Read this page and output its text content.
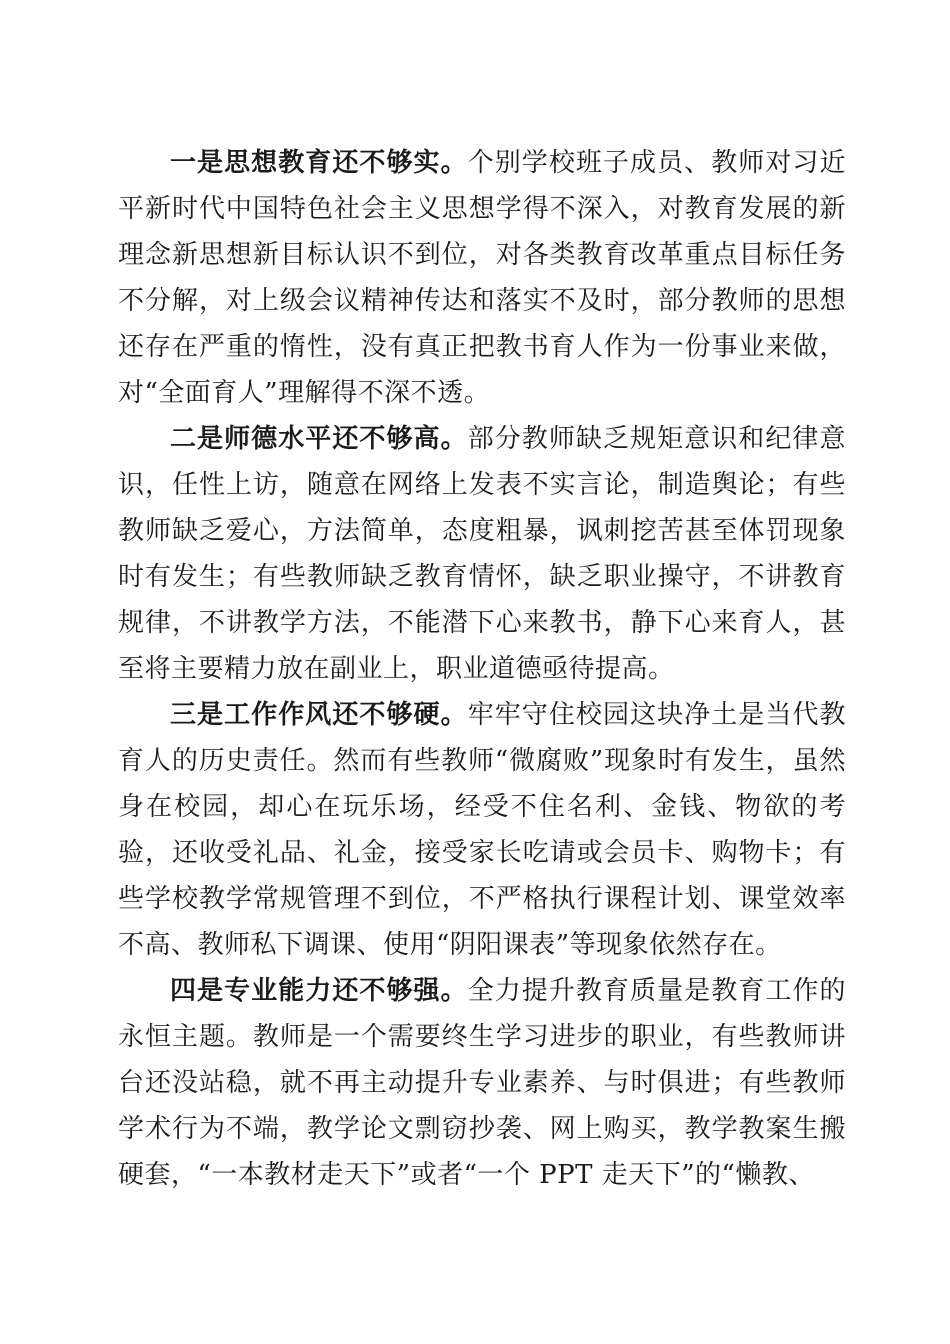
一是思想教育还不够实。个别学校班子成员、教师对习近平新时代中国特色社会主义思想学得不深入，对教育发展的新理念新思想新目标认识不到位，对各类教育改革重点目标任务不分解，对上级会议精神传达和落实不及时，部分教师的思想还存在严重的惰性，没有真正把教书育人作为一份事业来做，对“全面育人”理解得不深不透。

二是师德水平还不够高。部分教师缺乏规矩意识和纪律意识，任性上访，随意在网络上发表不实言论，制造舆论；有些教师缺乏爱心，方法简单，态度粗暴，讽刺挖苦甚至体罚现象时有发生；有些教师缺乏教育情怀，缺乏职业操守，不讲教育规律，不讲教学方法，不能潜下心来教书，静下心来育人，甚至将主要精力放在副业上，职业道德亟待提高。

三是工作作风还不够硬。牢牢守住校园这块净土是当代教育人的历史责任。然而有些教师“微腐败”现象时有发生，虽然身在校园，却心在玩乐场，经受不住名利、金钱、物欲的考验，还收受礼品、礼金，接受家长吃请或会员卡、购物卡；有些学校教学常规管理不到位，不严格执行课程计划、课堂效率不高、教师私下调课、使用“阴阳课表”等现象依然存在。

四是专业能力还不够强。全力提升教育质量是教育工作的永恒主题。教师是一个需要终生学习进步的职业，有些教师讲台还没站稳，就不再主动提升专业素养、与时俱进；有些教师学术行为不端，教学论文剽窃抄袭、网上购买，教学教案生搬硬套，“一本教材走天下”或者“一个 PPT 走天下”的“懒教、
